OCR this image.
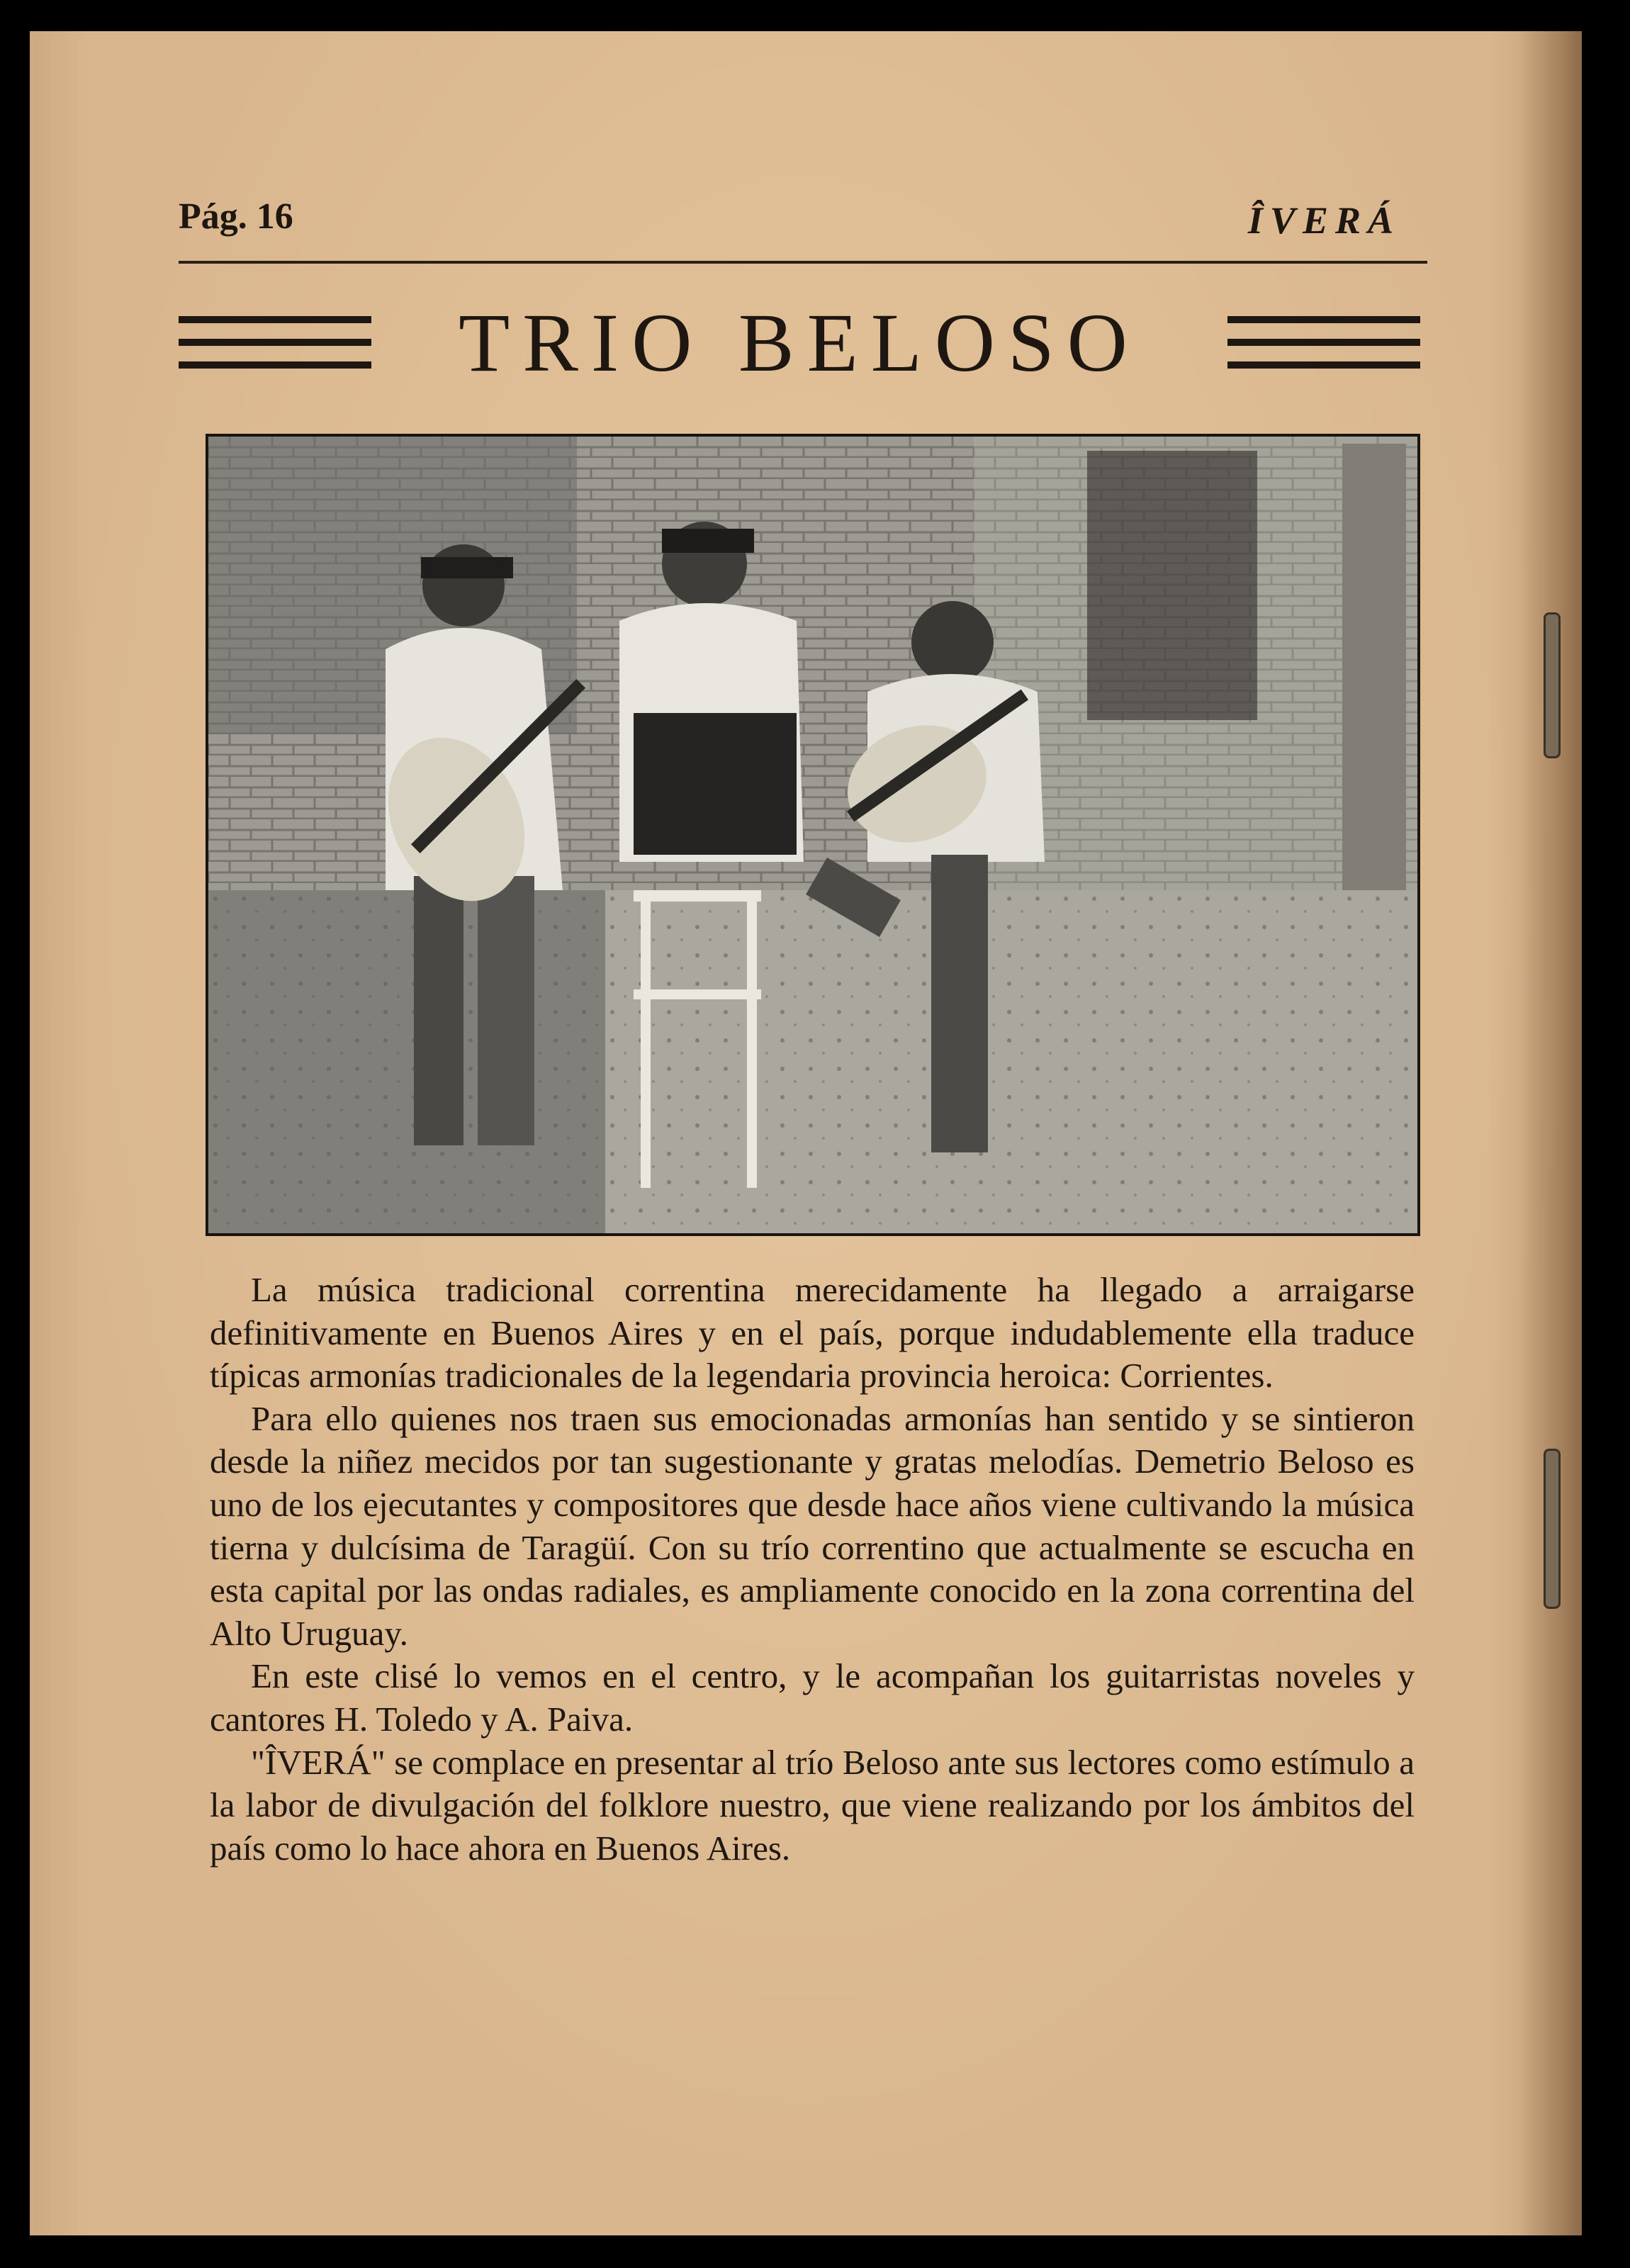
Pág. 16	ÎVERÁ
TRIO BELOSO

La música tradicional correntina merecidamente ha llegado a arraigarse definitivamente en Buenos Aires y en el país, porque indudablemente ella traduce típicas armonías tradicionales de la legendaria provincia heroica: Corrientes.

Para ello quienes nos traen sus emocionadas armonías han sentido y se sintieron desde la niñez mecidos por tan sugestionante y gratas melodías. Demetrio Beloso es uno de los ejecutantes y compositores que desde hace años viene cultivando la música tierna y dulcísima de Taragüí. Con su trío correntino que actualmente se escucha en esta capital por las ondas radiales, es ampliamente conocido en la zona correntina del Alto Uruguay.

En este clisé lo vemos en el centro, y le acompañan los guitarristas noveles y cantores H. Toledo y A. Paiva.

"ÎVERÁ" se complace en presentar al trío Beloso ante sus lectores como estímulo a la labor de divulgación del folklore nuestro, que viene realizando por los ámbitos del país como lo hace ahora en Buenos Aires.
